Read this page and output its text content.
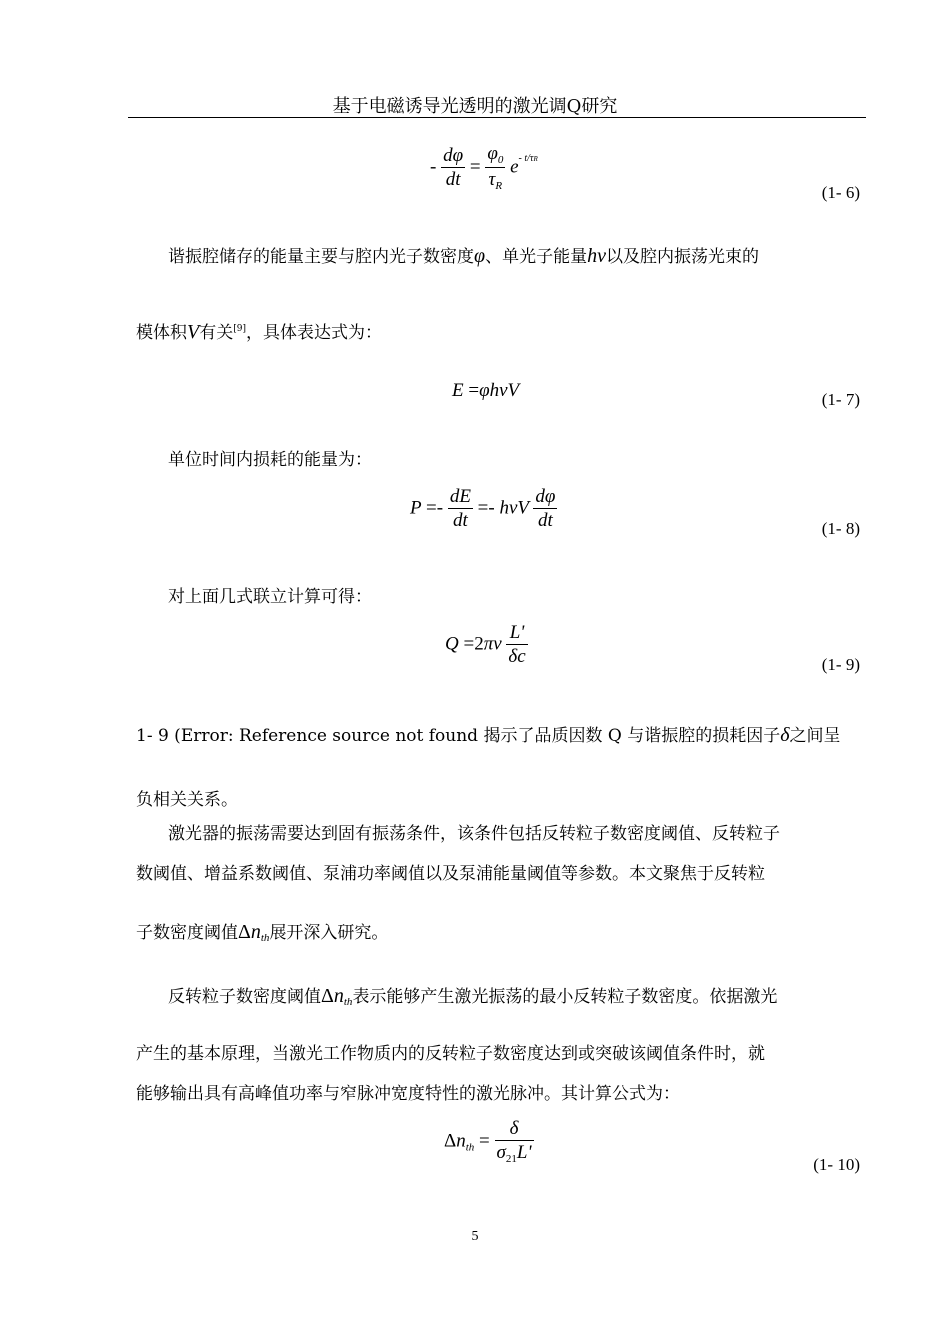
基于电磁诱导光透明的激光调Q研究
- $\frac{d\varphi}{dt} = \frac{\varphi_0}{\tau_R} e^{- t/\tau R}$
(1- 6)
谐振腔储存的能量主要与腔内光子数密度φ、单光子能量hν以及腔内振荡光束的
模体积V有关[9]，具体表达式为：
E =φhνV	(1- 7)
单位时间内损耗的能量为：
$P =- \frac{dE}{dt} =- h\nu V \frac{d\varphi}{dt}$	(1- 8)
对上面几式联立计算可得：
$Q =2\pi\nu \frac{L'}{\delta c}$	(1- 9)
1- 9 (Error: Reference source not found 揭示了品质因数 Q 与谐振腔的损耗因子δ之间呈
负相关关系。
激光器的振荡需要达到固有振荡条件，该条件包括反转粒子数密度阈值、反转粒子
数阈值、增益系数阈值、泵浦功率阈值以及泵浦能量阈值等参数。本文聚焦于反转粒
子数密度阈值$\Delta n_{th}$展开深入研究。
反转粒子数密度阈值$\Delta n_{th}$表示能够产生激光振荡的最小反转粒子数密度。依据激光
产生的基本原理，当激光工作物质内的反转粒子数密度达到或突破该阈值条件时，就
能够输出具有高峰值功率与窄脉冲宽度特性的激光脉冲。其计算公式为：
$\Delta n_{th} = \frac{\delta}{\sigma_{21}L'}$	(1- 10)
5
